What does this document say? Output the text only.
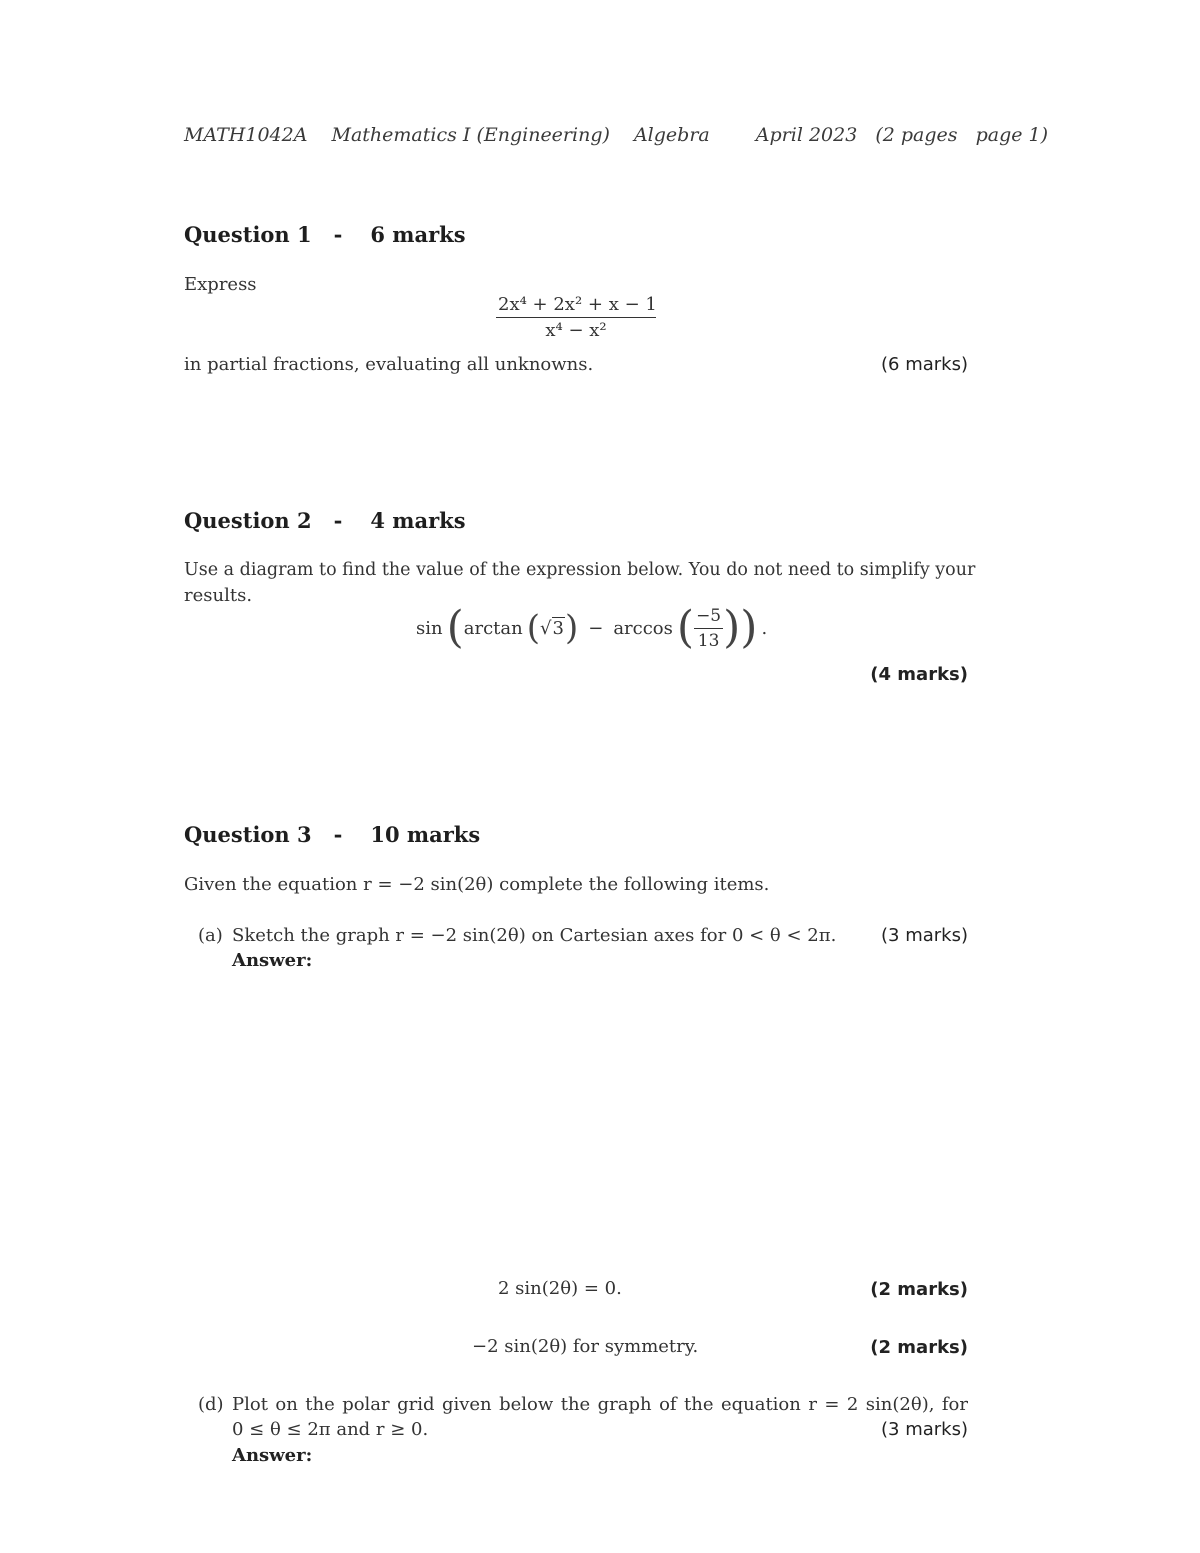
MATH1042A Mathematics I (Engineering) Algebra April 2023 (2 pages page 1)
Question 1 - 6 marks
Express
$\frac{\text{2x⁴ + 2x² + x − 1}}{\text{x⁴ − x²}}$
in partial fractions, evaluating all unknowns.	(6 marks)
Question 2 - 4 marks
Use a diagram to find the value of the expression below. You do not need to simplify your
results.
sin ( arctan ( √ 3 ) − arccos ( $\frac{-5}{13}$ ) ) .
(4 marks)
Question 3 - 10 marks
Given the equation r = −2 sin(2θ) complete the following items.
(a) Sketch the graph r = −2 sin(2θ) on Cartesian axes for 0 < θ < 2π. (3 marks)
Answer:
2 sin(2θ) = 0.	(2 marks)
−2 sin(2θ) for symmetry.	(2 marks)
(d) Plot on the polar grid given below the graph of the equation r = 2 sin(2θ), for
0 ≤ θ ≤ 2π and r ≥ 0.	(3 marks)
Answer:
